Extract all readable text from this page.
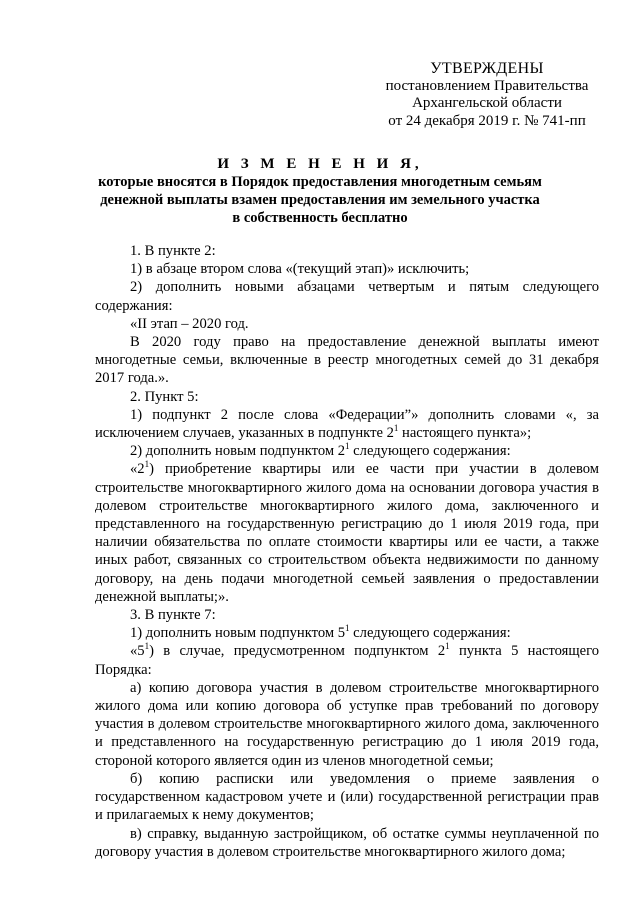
УТВЕРЖДЕНЫ
постановлением Правительства
Архангельской области
от 24 декабря 2019 г. № 741-пп
И З М Е Н Е Н И Я,
которые вносятся в Порядок предоставления многодетным семьям
денежной выплаты взамен предоставления им земельного участка
в собственность бесплатно

1. В пункте 2:

1) в абзаце втором слова «(текущий этап)» исключить;

2) дополнить новыми абзацами четвертым и пятым следующего содержания:

«II этап – 2020 год.

В 2020 году право на предоставление денежной выплаты имеют многодетные семьи, включенные в реестр многодетных семей до 31 декабря 2017 года.».

2. Пункт 5:

1) подпункт 2 после слова «Федерации”» дополнить словами «, за исключением случаев, указанных в подпункте $2^1$ настоящего пункта»;

2) дополнить новым подпунктом $2^1$ следующего содержания:

«$2^1$) приобретение квартиры или ее части при участии в долевом строительстве многоквартирного жилого дома на основании договора участия в долевом строительстве многоквартирного жилого дома, заключенного и представленного на государственную регистрацию до 1 июля 2019 года, при наличии обязательства по оплате стоимости квартиры или ее части, а также иных работ, связанных со строительством объекта недвижимости по данному договору, на день подачи многодетной семьей заявления о предоставлении денежной выплаты;».

3. В пункте 7:

1) дополнить новым подпунктом $5^1$ следующего содержания:

«$5^1$) в случае, предусмотренном подпунктом $2^1$ пункта 5 настоящего Порядка:

а) копию договора участия в долевом строительстве многоквартирного жилого дома или копию договора об уступке прав требований по договору участия в долевом строительстве многоквартирного жилого дома, заключенного и представленного на государственную регистрацию до 1 июля 2019 года, стороной которого является один из членов многодетной семьи;

б) копию расписки или уведомления о приеме заявления о государственном кадастровом учете и (или) государственной регистрации прав и прилагаемых к нему документов;

в) справку, выданную застройщиком, об остатке суммы неуплаченной по договору участия в долевом строительстве многоквартирного жилого дома;
